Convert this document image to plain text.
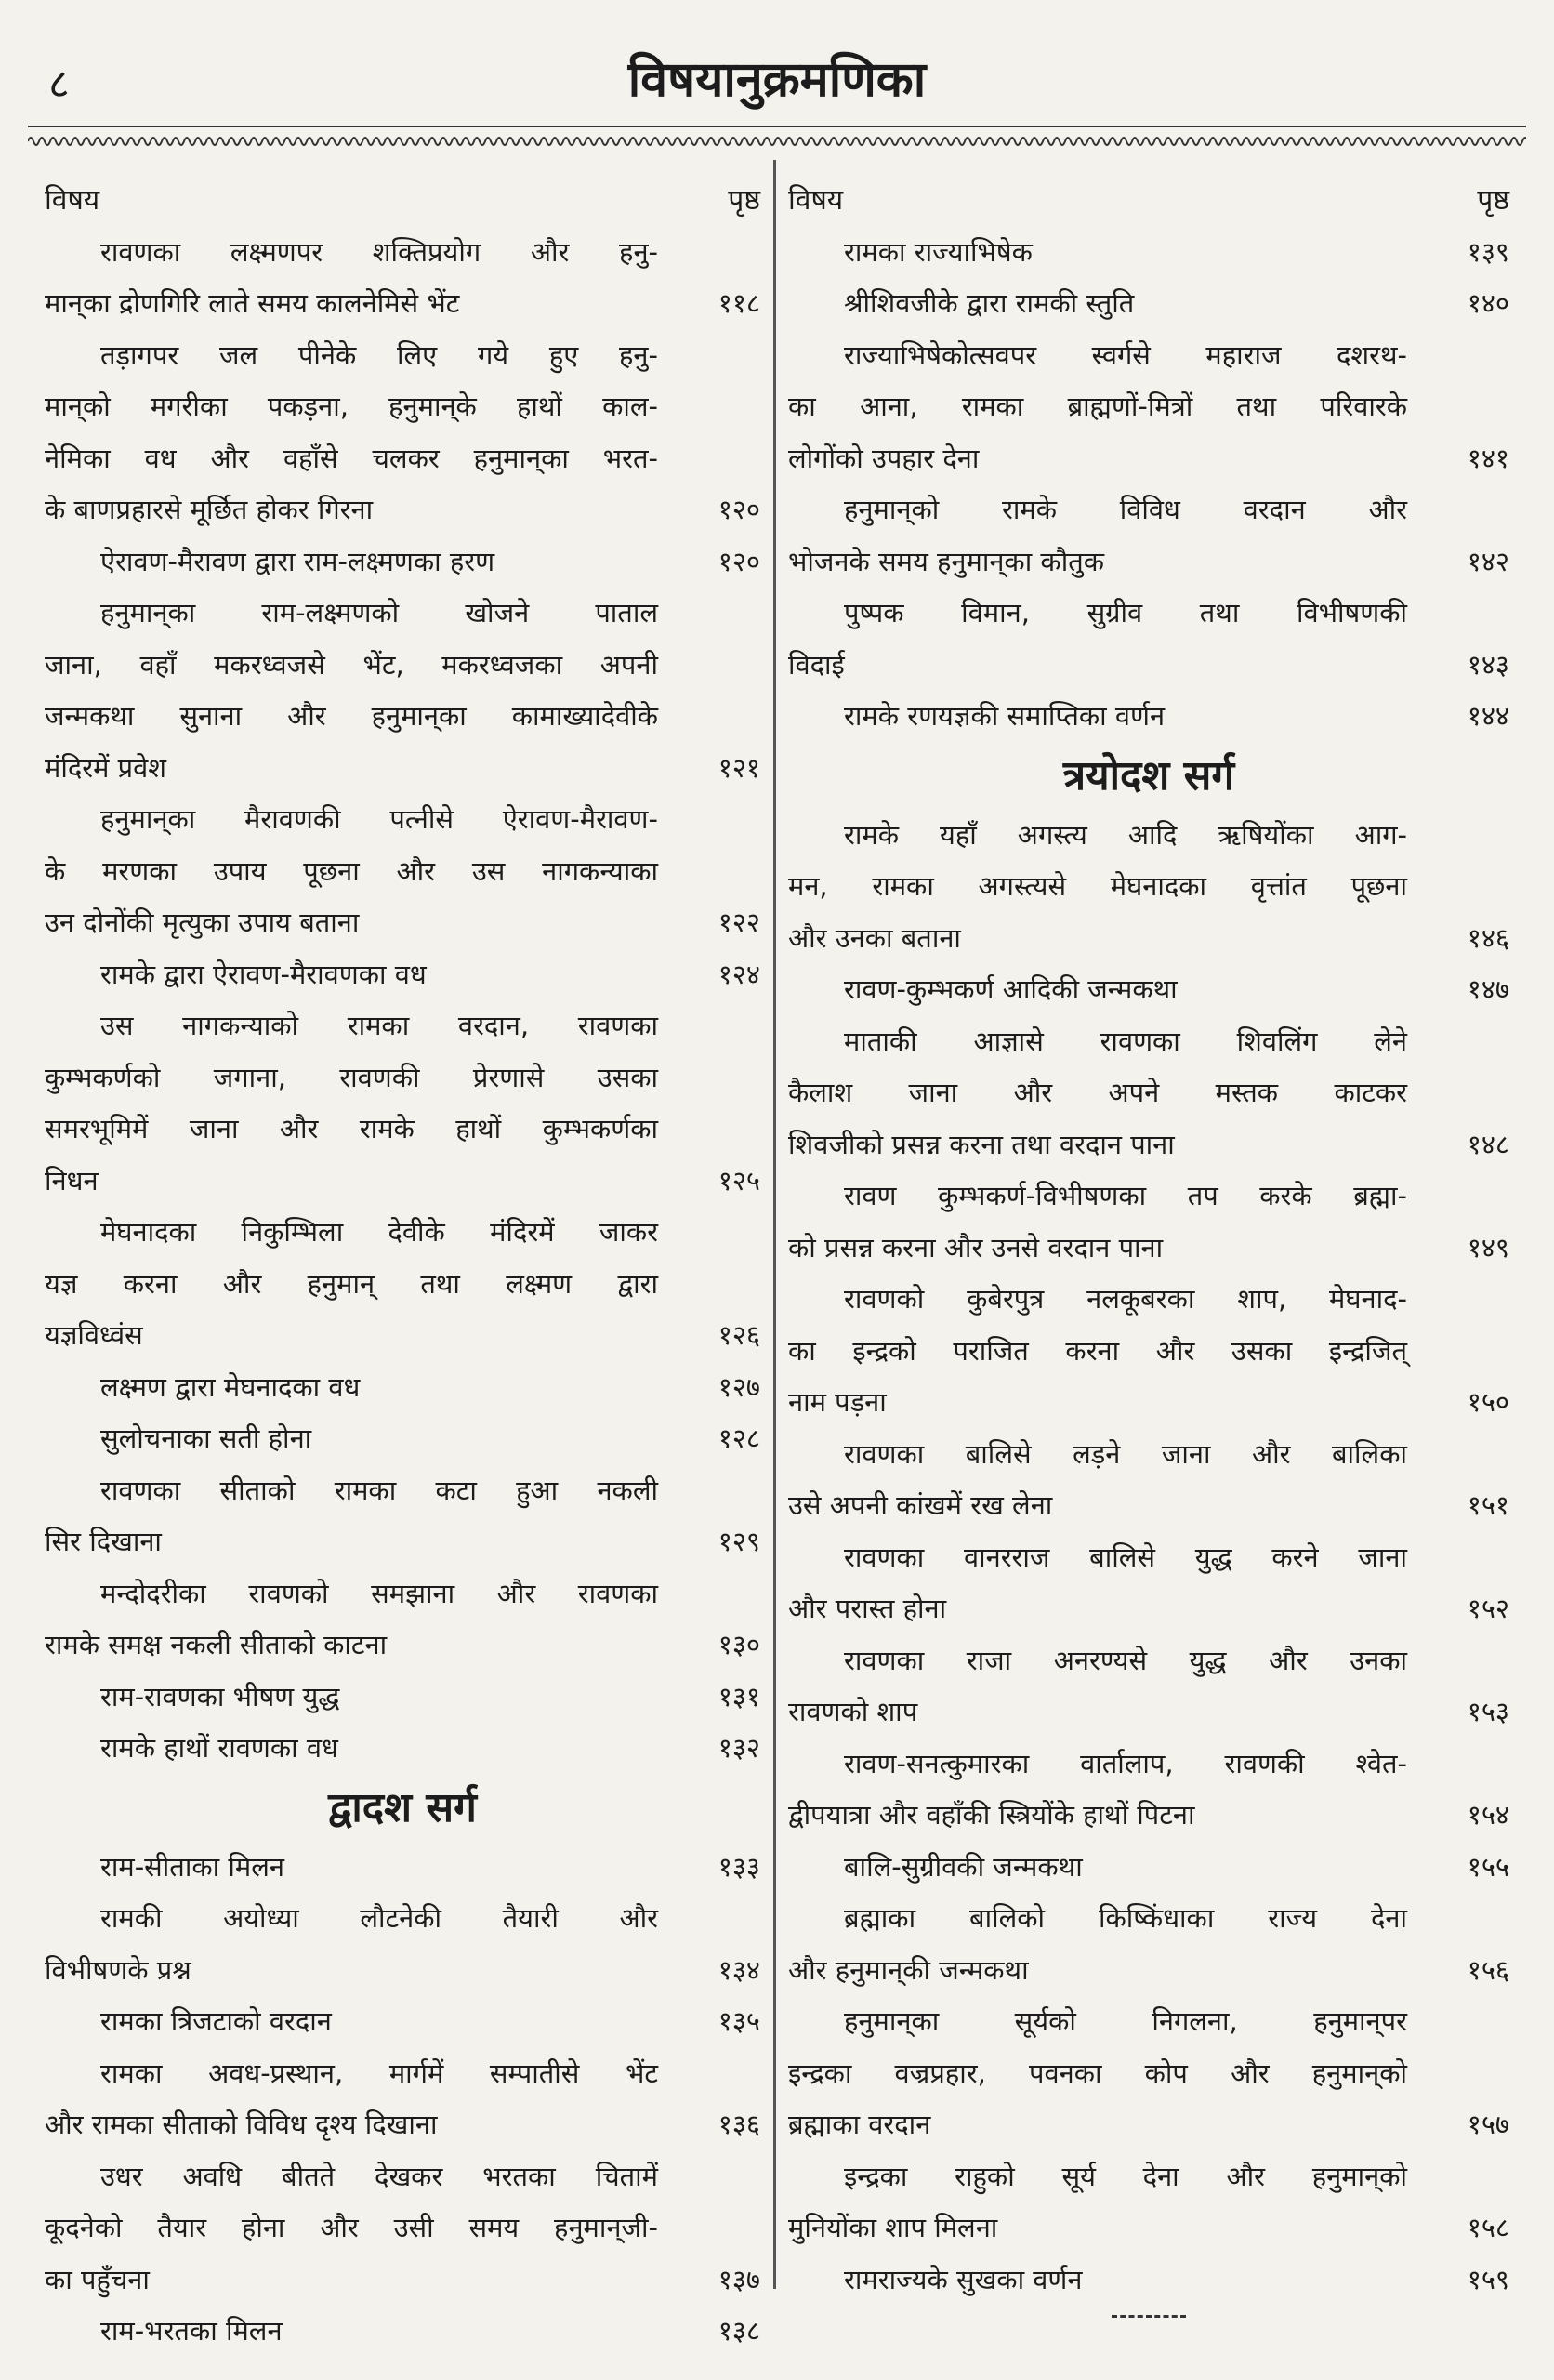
८	विषयानुक्रमणिका
विषय	पृष्ठ
रावणका लक्ष्मणपर शक्तिप्रयोग और हनु-
मान्‌का द्रोणगिरि लाते समय कालनेमिसे भेंट	११८
तड़ागपर जल पीनेके लिए गये हुए हनु-
मान्‌को मगरीका पकड़ना, हनुमान्‌के हाथों काल-
नेमिका वध और वहाँसे चलकर हनुमान्‌का भरत-
के बाणप्रहारसे मूर्छित होकर गिरना	१२०
ऐरावण-मैरावण द्वारा राम-लक्ष्मणका हरण	१२०
हनुमान्‌का राम-लक्ष्मणको खोजने पाताल
जाना, वहाँ मकरध्वजसे भेंट, मकरध्वजका अपनी
जन्मकथा सुनाना और हनुमान्‌का कामाख्यादेवीके
मंदिरमें प्रवेश	१२१
हनुमान्‌का मैरावणकी पत्नीसे ऐरावण-मैरावण-
के मरणका उपाय पूछना और उस नागकन्याका
उन दोनोंकी मृत्युका उपाय बताना	१२२
रामके द्वारा ऐरावण-मैरावणका वध	१२४
उस नागकन्याको रामका वरदान, रावणका
कुम्भकर्णको जगाना, रावणकी प्रेरणासे उसका
समरभूमिमें जाना और रामके हाथों कुम्भकर्णका
निधन	१२५
मेघनादका निकुम्भिला देवीके मंदिरमें जाकर
यज्ञ करना और हनुमान् तथा लक्ष्मण द्वारा
यज्ञविध्वंस	१२६
लक्ष्मण द्वारा मेघनादका वध	१२७
सुलोचनाका सती होना	१२८
रावणका सीताको रामका कटा हुआ नकली
सिर दिखाना	१२९
मन्दोदरीका रावणको समझाना और रावणका
रामके समक्ष नकली सीताको काटना	१३०
राम-रावणका भीषण युद्ध	१३१
रामके हाथों रावणका वध	१३२
द्वादश सर्ग
राम-सीताका मिलन	१३३
रामकी अयोध्या लौटनेकी तैयारी और
विभीषणके प्रश्न	१३४
रामका त्रिजटाको वरदान	१३५
रामका अवध-प्रस्थान, मार्गमें सम्पातीसे भेंट
और रामका सीताको विविध दृश्य दिखाना	१३६
उधर अवधि बीतते देखकर भरतका चितामें
कूदनेको तैयार होना और उसी समय हनुमान्‌जी-
का पहुँचना	१३७
राम-भरतका मिलन	१३८
विषय	पृष्ठ
रामका राज्याभिषेक	१३९
श्रीशिवजीके द्वारा रामकी स्तुति	१४०
राज्याभिषेकोत्सवपर स्वर्गसे महाराज दशरथ-
का आना, रामका ब्राह्मणों-मित्रों तथा परिवारके
लोगोंको उपहार देना	१४१
हनुमान्‌को रामके विविध वरदान और
भोजनके समय हनुमान्‌का कौतुक	१४२
पुष्पक विमान, सुग्रीव तथा विभीषणकी
विदाई	१४३
रामके रणयज्ञकी समाप्तिका वर्णन	१४४
त्रयोदश सर्ग
रामके यहाँ अगस्त्य आदि ऋषियोंका आग-
मन, रामका अगस्त्यसे मेघनादका वृत्तांत पूछना
और उनका बताना	१४६
रावण-कुम्भकर्ण आदिकी जन्मकथा	१४७
माताकी आज्ञासे रावणका शिवलिंग लेने
कैलाश जाना और अपने मस्तक काटकर
शिवजीको प्रसन्न करना तथा वरदान पाना	१४८
रावण कुम्भकर्ण-विभीषणका तप करके ब्रह्मा-
को प्रसन्न करना और उनसे वरदान पाना	१४९
रावणको कुबेरपुत्र नलकूबरका शाप, मेघनाद-
का इन्द्रको पराजित करना और उसका इन्द्रजित्
नाम पड़ना	१५०
रावणका बालिसे लड़ने जाना और बालिका
उसे अपनी कांखमें रख लेना	१५१
रावणका वानरराज बालिसे युद्ध करने जाना
और परास्त होना	१५२
रावणका राजा अनरण्यसे युद्ध और उनका
रावणको शाप	१५३
रावण-सनत्कुमारका वार्तालाप, रावणकी श्वेत-
द्वीपयात्रा और वहाँकी स्त्रियोंके हाथों पिटना	१५४
बालि-सुग्रीवकी जन्मकथा	१५५
ब्रह्माका बालिको किष्किंधाका राज्य देना
और हनुमान्‌की जन्मकथा	१५६
हनुमान्‌का सूर्यको निगलना, हनुमान्‌पर
इन्द्रका वज्रप्रहार, पवनका कोप और हनुमान्‌को
ब्रह्माका वरदान	१५७
इन्द्रका राहुको सूर्य देना और हनुमान्‌को
मुनियोंका शाप मिलना	१५८
रामराज्यके सुखका वर्णन	१५९
